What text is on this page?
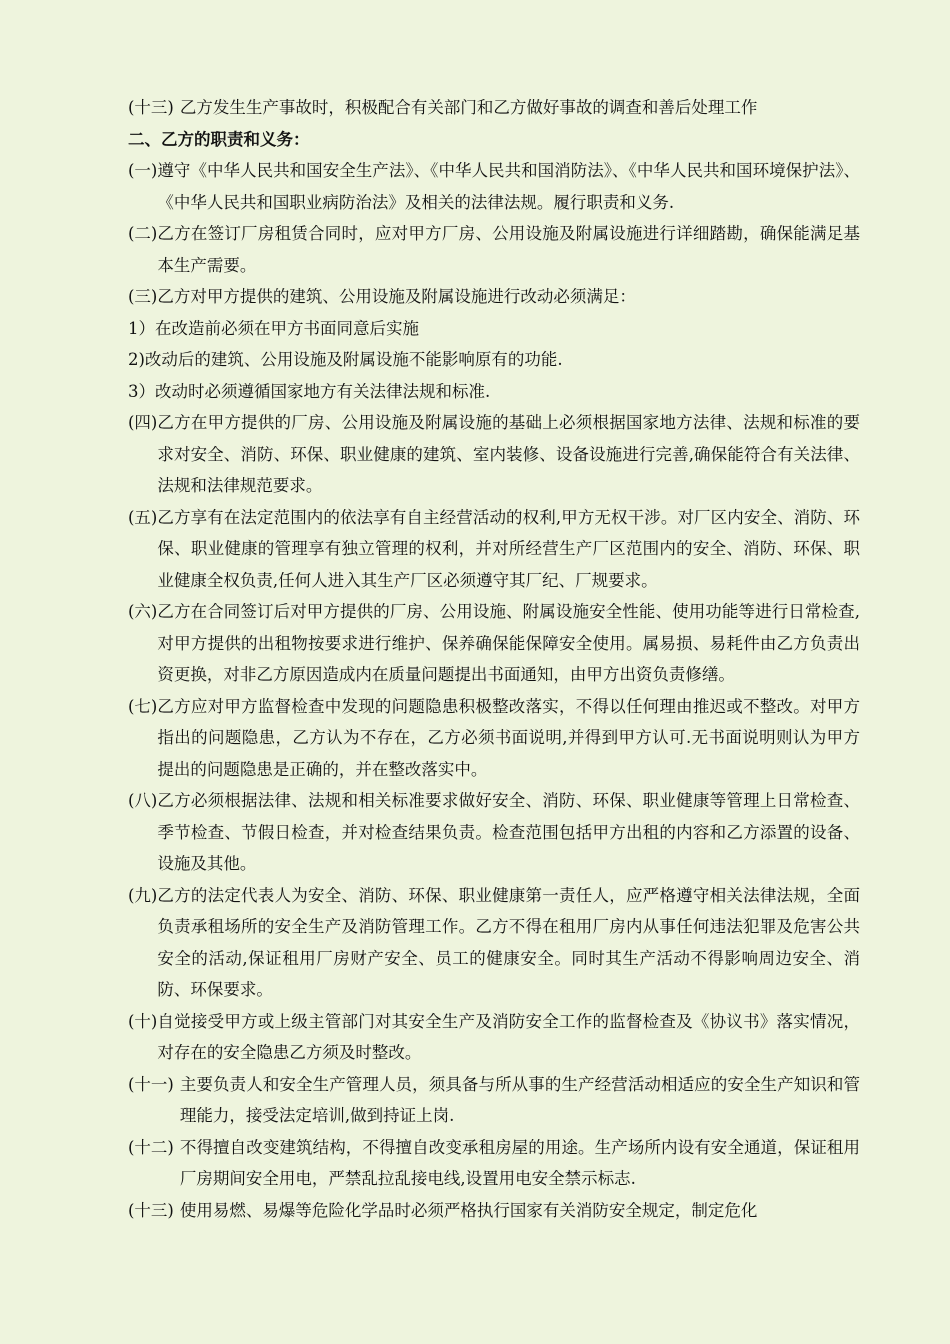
(十三) 乙方发生生产事故时，积极配合有关部门和乙方做好事故的调查和善后处理工作
二、乙方的职责和义务：
(一) 遵守《中华人民共和国安全生产法》、《中华人民共和国消防法》、《中华人民共和国环境保护法》、《中华人民共和国职业病防治法》及相关的法律法规。履行职责和义务.
(二) 乙方在签订厂房租赁合同时，应对甲方厂房、公用设施及附属设施进行详细踏勘，确保能满足基本生产需要。
(三) 乙方对甲方提供的建筑、公用设施及附属设施进行改动必须满足：
1）在改造前必须在甲方书面同意后实施
2)改动后的建筑、公用设施及附属设施不能影响原有的功能.
3）改动时必须遵循国家地方有关法律法规和标准.
(四) 乙方在甲方提供的厂房、公用设施及附属设施的基础上必须根据国家地方法律、法规和标准的要求对安全、消防、环保、职业健康的建筑、室内装修、设备设施进行完善,确保能符合有关法律、法规和法律规范要求。
(五) 乙方享有在法定范围内的依法享有自主经营活动的权利,甲方无权干涉。对厂区内安全、消防、环保、职业健康的管理享有独立管理的权利，并对所经营生产厂区范围内的安全、消防、环保、职业健康全权负责,任何人进入其生产厂区必须遵守其厂纪、厂规要求。
(六) 乙方在合同签订后对甲方提供的厂房、公用设施、附属设施安全性能、使用功能等进行日常检查,对甲方提供的出租物按要求进行维护、保养确保能保障安全使用。属易损、易耗件由乙方负责出资更换，对非乙方原因造成内在质量问题提出书面通知，由甲方出资负责修缮。
(七) 乙方应对甲方监督检查中发现的问题隐患积极整改落实，不得以任何理由推迟或不整改。对甲方指出的问题隐患，乙方认为不存在，乙方必须书面说明,并得到甲方认可.无书面说明则认为甲方提出的问题隐患是正确的，并在整改落实中。
(八) 乙方必须根据法律、法规和相关标准要求做好安全、消防、环保、职业健康等管理上日常检查、季节检查、节假日检查，并对检查结果负责。检查范围包括甲方出租的内容和乙方添置的设备、设施及其他。
(九) 乙方的法定代表人为安全、消防、环保、职业健康第一责任人，应严格遵守相关法律法规，全面负责承租场所的安全生产及消防管理工作。乙方不得在租用厂房内从事任何违法犯罪及危害公共安全的活动,保证租用厂房财产安全、员工的健康安全。同时其生产活动不得影响周边安全、消防、环保要求。
(十) 自觉接受甲方或上级主管部门对其安全生产及消防安全工作的监督检查及《协议书》落实情况，对存在的安全隐患乙方须及时整改。
(十一) 主要负责人和安全生产管理人员，须具备与所从事的生产经营活动相适应的安全生产知识和管理能力，接受法定培训,做到持证上岗.
(十二) 不得擅自改变建筑结构，不得擅自改变承租房屋的用途。生产场所内设有安全通道，保证租用厂房期间安全用电，严禁乱拉乱接电线,设置用电安全禁示标志.
(十三) 使用易燃、易爆等危险化学品时必须严格执行国家有关消防安全规定，制定危化
